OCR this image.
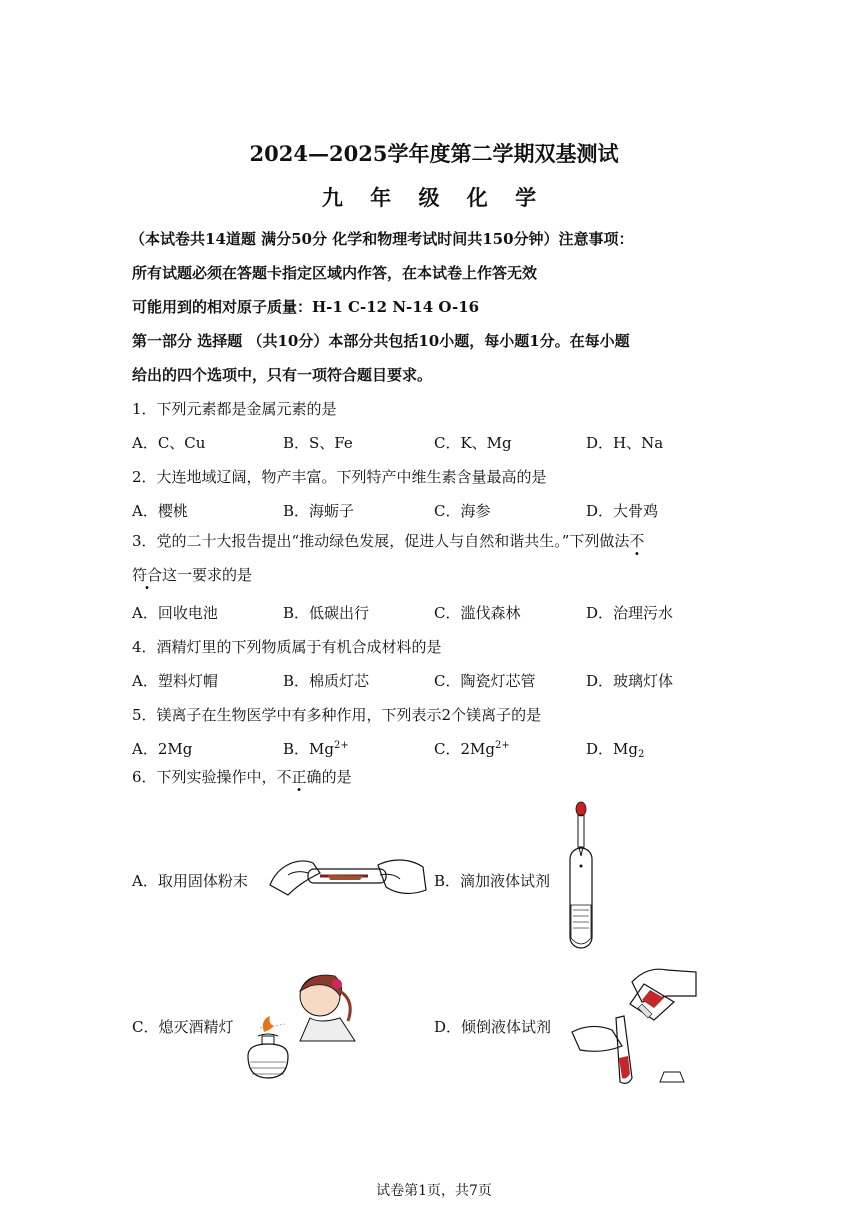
2024—2025学年度第二学期双基测试
九 年 级 化 学
（本试卷共14道题 满分50分 化学和物理考试时间共150分钟）注意事项：
所有试题必须在答题卡指定区域内作答，在本试卷上作答无效
可能用到的相对原子质量：H-1 C-12 N-14 O-16
第一部分 选择题 （共10分）本部分共包括10小题，每小题1分。在每小题
给出的四个选项中，只有一项符合题目要求。
1．下列元素都是金属元素的是
A．C、Cu	B．S、Fe	C．K、Mg	D．H、Na
2．大连地域辽阔，物产丰富。下列特产中维生素含量最高的是
A．樱桃	B．海蛎子	C．海参	D．大骨鸡
3．党的二十大报告提出“推动绿色发展，促进人与自然和谐共生。”下列做法不
符合这一要求的是
A．回收电池	B．低碳出行	C．滥伐森林	D．治理污水
4．酒精灯里的下列物质属于有机合成材料的是
A．塑料灯帽	B．棉质灯芯	C．陶瓷灯芯管	D．玻璃灯体
5．镁离子在生物医学中有多种作用，下列表示2个镁离子的是
A．2Mg	B．$Mg^{2+}$	C．$2Mg^{2+}$	D．$Mg_2$
6．下列实验操作中，不正确的是
A．取用固体粉末	B．滴加液体试剂
C．熄灭酒精灯	D．倾倒液体试剂
试卷第1页，共7页
